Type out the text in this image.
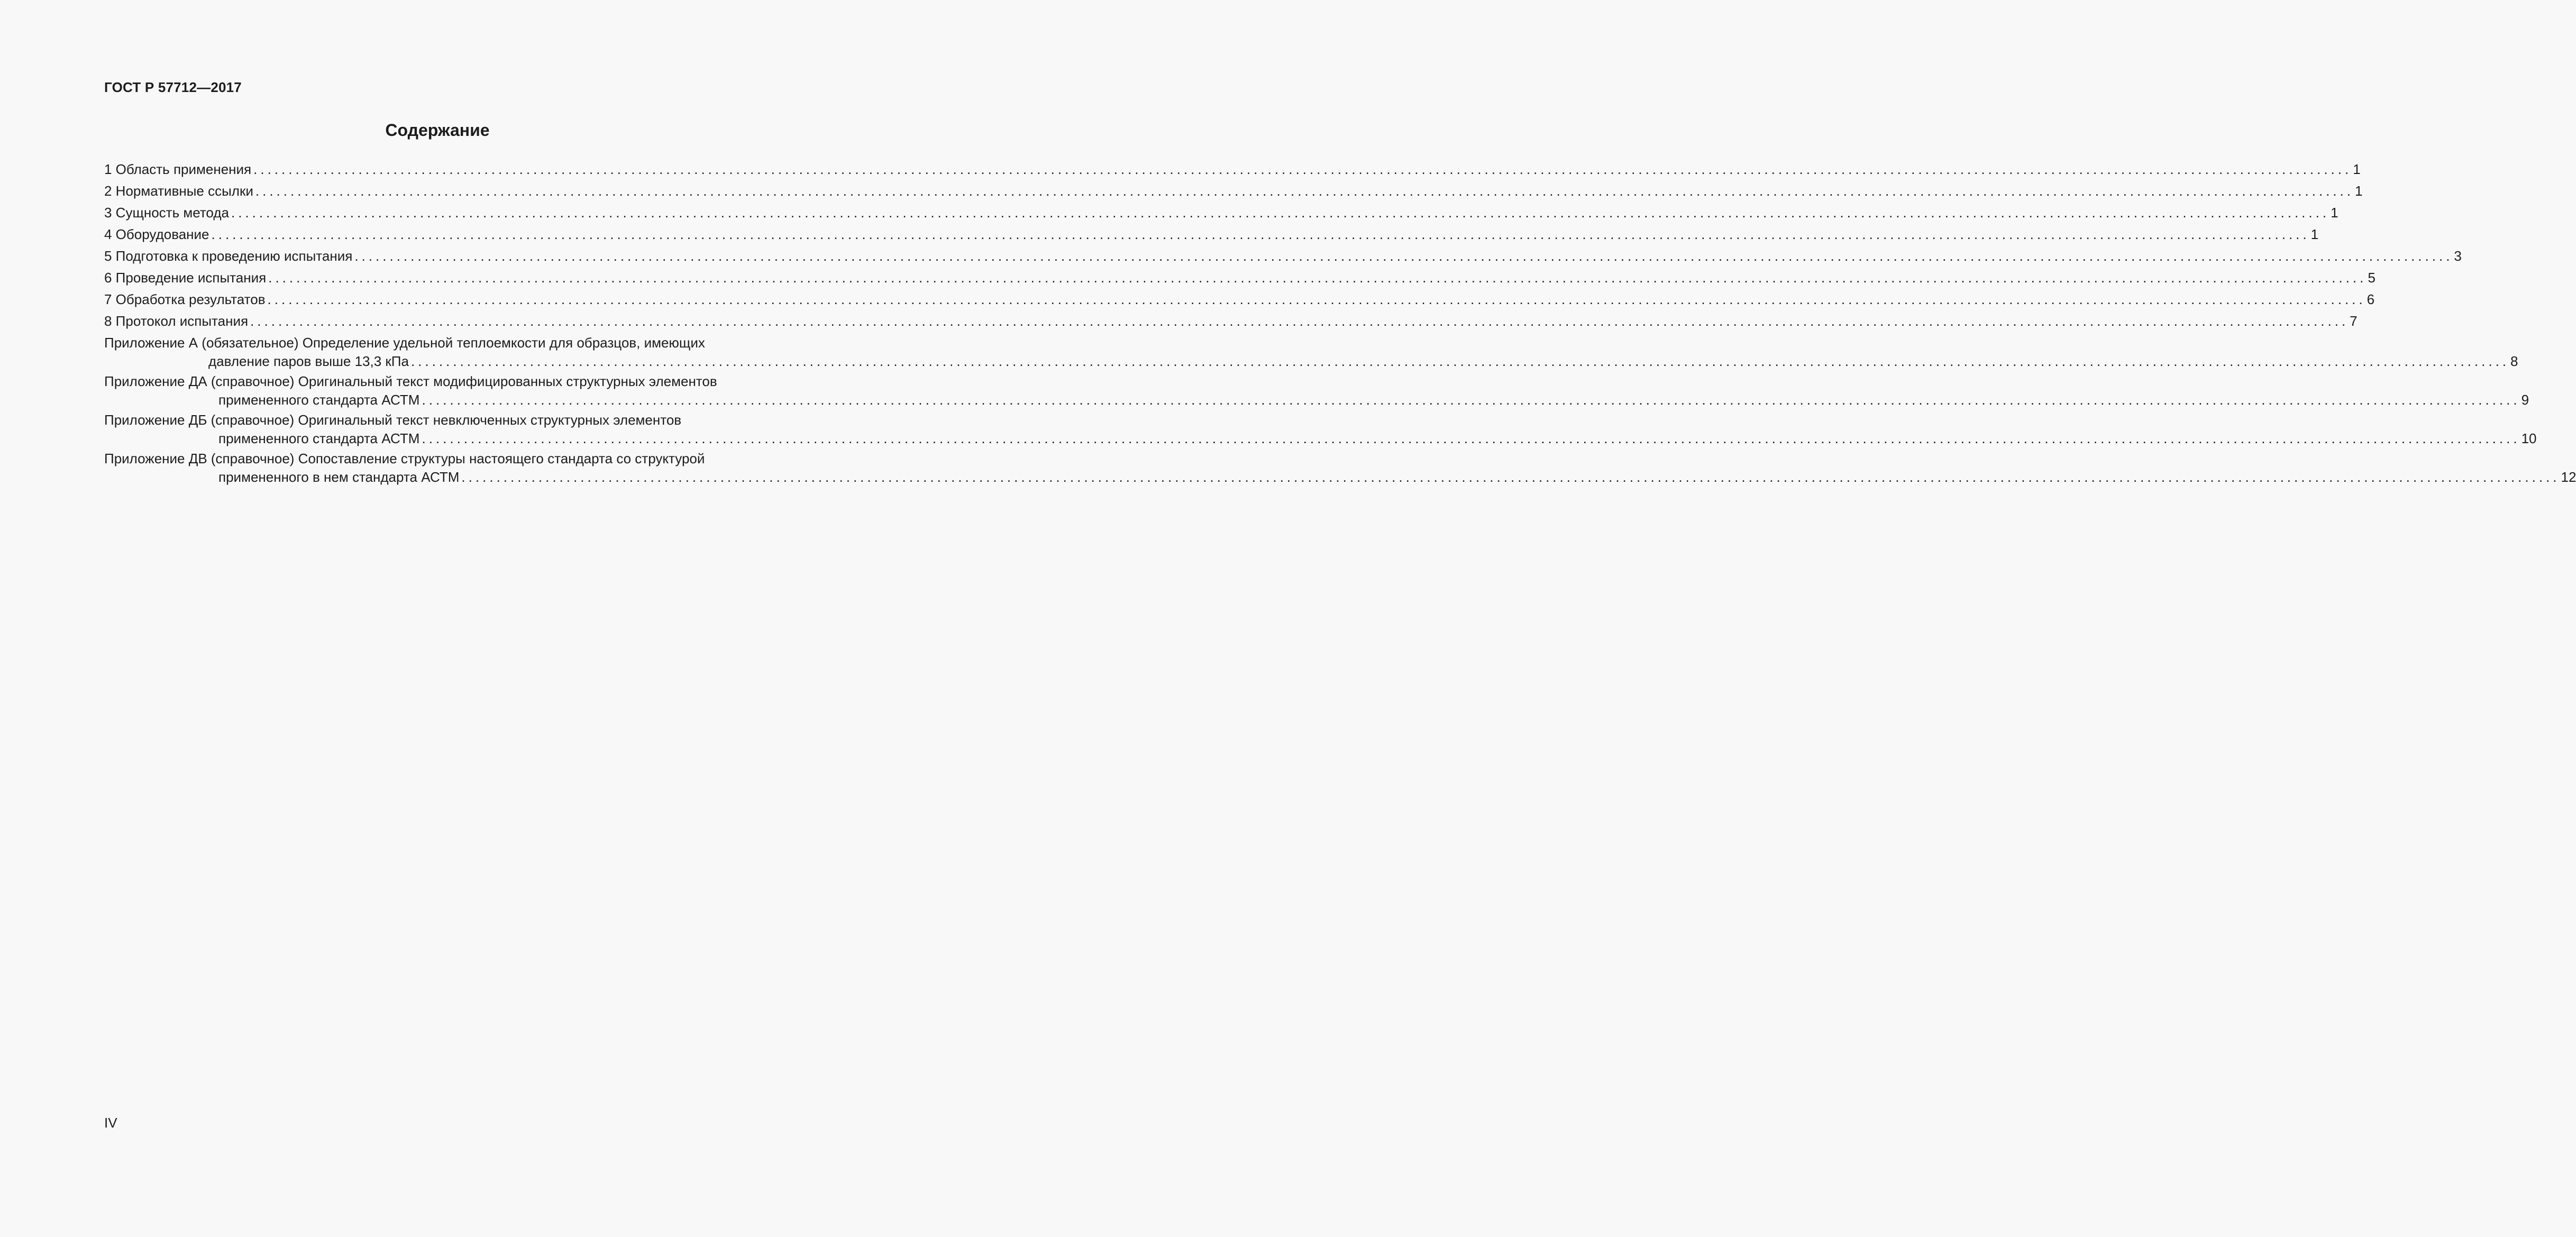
ГОСТ Р 57712—2017
Содержание
1 Область применения ............................................................................................................................................................................................................................................................................................................ 1
2 Нормативные ссылки ............................................................................................................................................................................................................................................................................................................ 1
3 Сущность метода ............................................................................................................................................................................................................................................................................................................ 1
4 Оборудование ............................................................................................................................................................................................................................................................................................................ 1
5 Подготовка к проведению испытания ............................................................................................................................................................................................................................................................................................................ 3
6 Проведение испытания ............................................................................................................................................................................................................................................................................................................ 5
7 Обработка результатов ............................................................................................................................................................................................................................................................................................................ 6
8 Протокол испытания ............................................................................................................................................................................................................................................................................................................ 7
Приложение А (обязательное) Определение удельной теплоемкости для образцов, имеющих
давление паров выше 13,3 кПа ............................................................................................................................................................................................................................................................................................................ 8
Приложение ДА (справочное) Оригинальный текст модифицированных структурных элементов
примененного стандарта АСТМ ............................................................................................................................................................................................................................................................................................................ 9
Приложение ДБ (справочное) Оригинальный текст невключенных структурных элементов
примененного стандарта АСТМ ............................................................................................................................................................................................................................................................................................................ 10
Приложение ДВ (справочное) Сопоставление структуры настоящего стандарта со структурой
примененного в нем стандарта АСТМ ............................................................................................................................................................................................................................................................................................................ 12
IV
